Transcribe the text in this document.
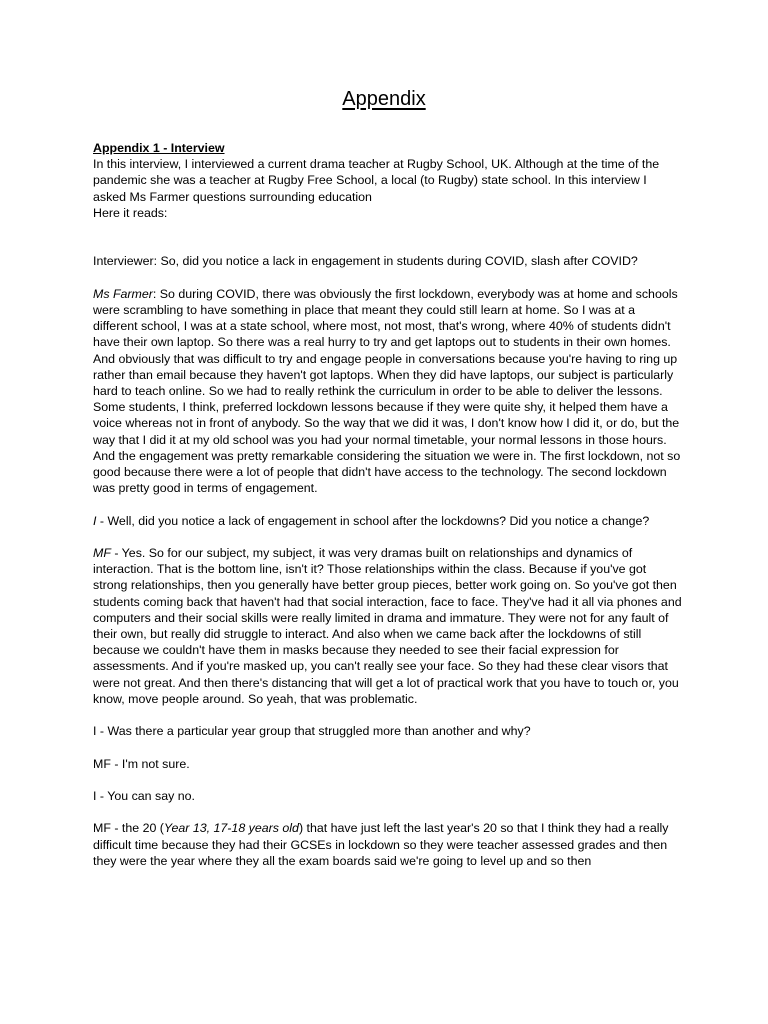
Appendix
Appendix 1 - Interview
In this interview, I interviewed a current drama teacher at Rugby School, UK. Although at the time of the pandemic she was a teacher at Rugby Free School, a local (to Rugby) state school. In this interview I asked Ms Farmer questions surrounding education
Here it reads:

Interviewer: So, did you notice a lack in engagement in students during COVID, slash after COVID?

Ms Farmer: So during COVID, there was obviously the first lockdown, everybody was at home and schools were scrambling to have something in place that meant they could still learn at home. So I was at a different school, I was at a state school, where most, not most, that's wrong, where 40% of students didn't have their own laptop. So there was a real hurry to try and get laptops out to students in their own homes. And obviously that was difficult to try and engage people in conversations because you're having to ring up rather than email because they haven't got laptops. When they did have laptops, our subject is particularly hard to teach online. So we had to really rethink the curriculum in order to be able to deliver the lessons. Some students, I think, preferred lockdown lessons because if they were quite shy, it helped them have a voice whereas not in front of anybody. So the way that we did it was, I don't know how I did it, or do, but the way that I did it at my old school was you had your normal timetable, your normal lessons in those hours. And the engagement was pretty remarkable considering the situation we were in. The first lockdown, not so good because there were a lot of people that didn't have access to the technology. The second lockdown was pretty good in terms of engagement.

I - Well, did you notice a lack of engagement in school after the lockdowns? Did you notice a change?

MF - Yes. So for our subject, my subject, it was very dramas built on relationships and dynamics of interaction. That is the bottom line, isn't it? Those relationships within the class. Because if you've got strong relationships, then you generally have better group pieces, better work going on. So you've got then students coming back that haven't had that social interaction, face to face. They've had it all via phones and computers and their social skills were really limited in drama and immature. They were not for any fault of their own, but really did struggle to interact. And also when we came back after the lockdowns of still because we couldn't have them in masks because they needed to see their facial expression for assessments. And if you're masked up, you can't really see your face. So they had these clear visors that were not great. And then there's distancing that will get a lot of practical work that you have to touch or, you know, move people around. So yeah, that was problematic.

I - Was there a particular year group that struggled more than another and why?

MF - I'm not sure.

I - You can say no.

MF - the 20 (Year 13, 17-18 years old) that have just left the last year's 20 so that I think they had a really difficult time because they had their GCSEs in lockdown so they were teacher assessed grades and then they were the year where they all the exam boards said we're going to level up and so then
